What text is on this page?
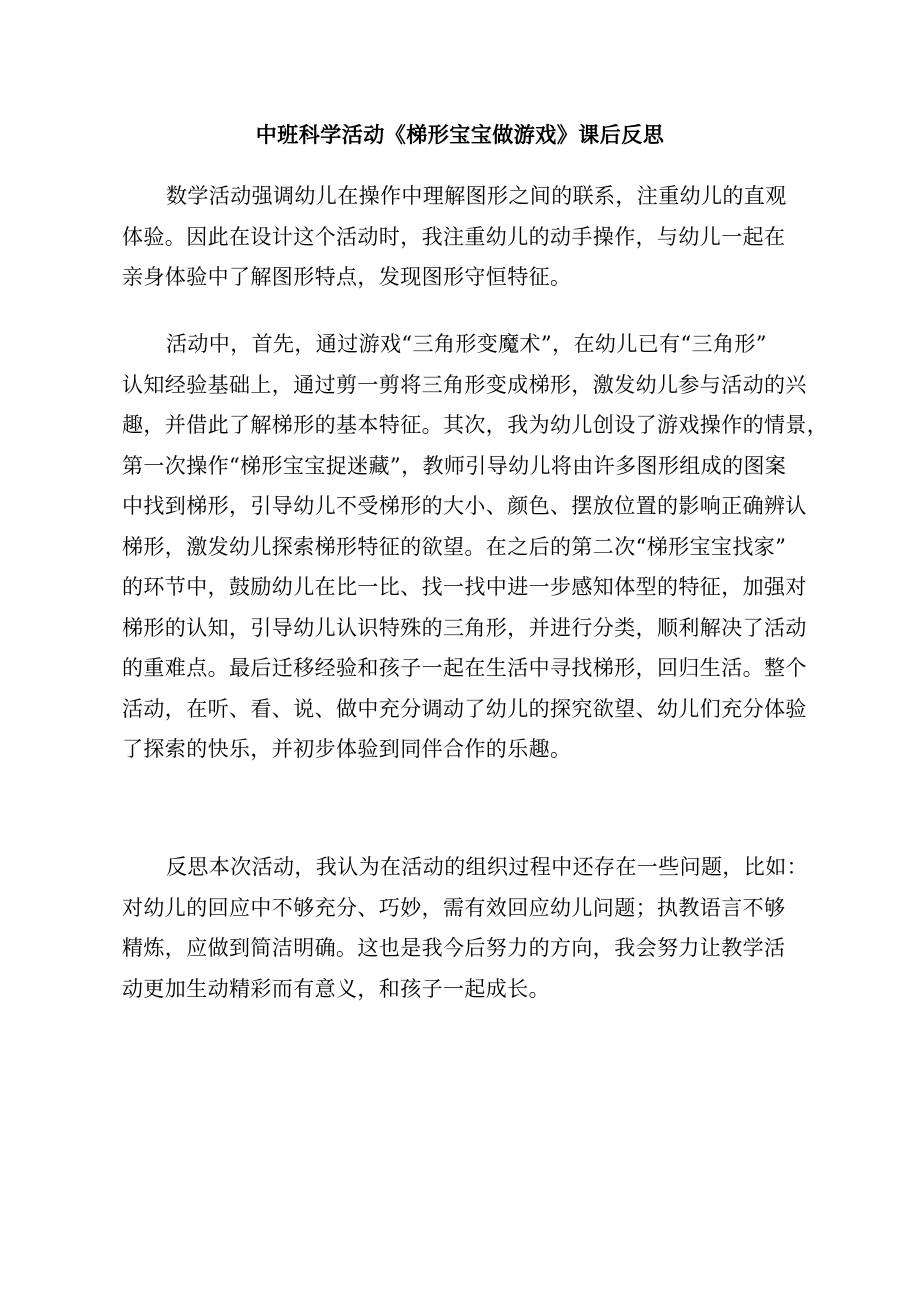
中班科学活动《梯形宝宝做游戏》课后反思
数学活动强调幼儿在操作中理解图形之间的联系，注重幼儿的直观
体验。因此在设计这个活动时，我注重幼儿的动手操作，与幼儿一起在
亲身体验中了解图形特点，发现图形守恒特征。
活动中，首先，通过游戏“三角形变魔术”，在幼儿已有“三角形”
认知经验基础上，通过剪一剪将三角形变成梯形，激发幼儿参与活动的兴
趣，并借此了解梯形的基本特征。其次，我为幼儿创设了游戏操作的情景，
第一次操作“梯形宝宝捉迷藏”，教师引导幼儿将由许多图形组成的图案
中找到梯形，引导幼儿不受梯形的大小、颜色、摆放位置的影响正确辨认
梯形，激发幼儿探索梯形特征的欲望。在之后的第二次“梯形宝宝找家”
的环节中，鼓励幼儿在比一比、找一找中进一步感知体型的特征，加强对
梯形的认知，引导幼儿认识特殊的三角形，并进行分类，顺利解决了活动
的重难点。最后迁移经验和孩子一起在生活中寻找梯形，回归生活。整个
活动，在听、看、说、做中充分调动了幼儿的探究欲望、幼儿们充分体验
了探索的快乐，并初步体验到同伴合作的乐趣。
反思本次活动，我认为在活动的组织过程中还存在一些问题，比如：
对幼儿的回应中不够充分、巧妙，需有效回应幼儿问题；执教语言不够
精炼，应做到简洁明确。这也是我今后努力的方向，我会努力让教学活
动更加生动精彩而有意义，和孩子一起成长。
